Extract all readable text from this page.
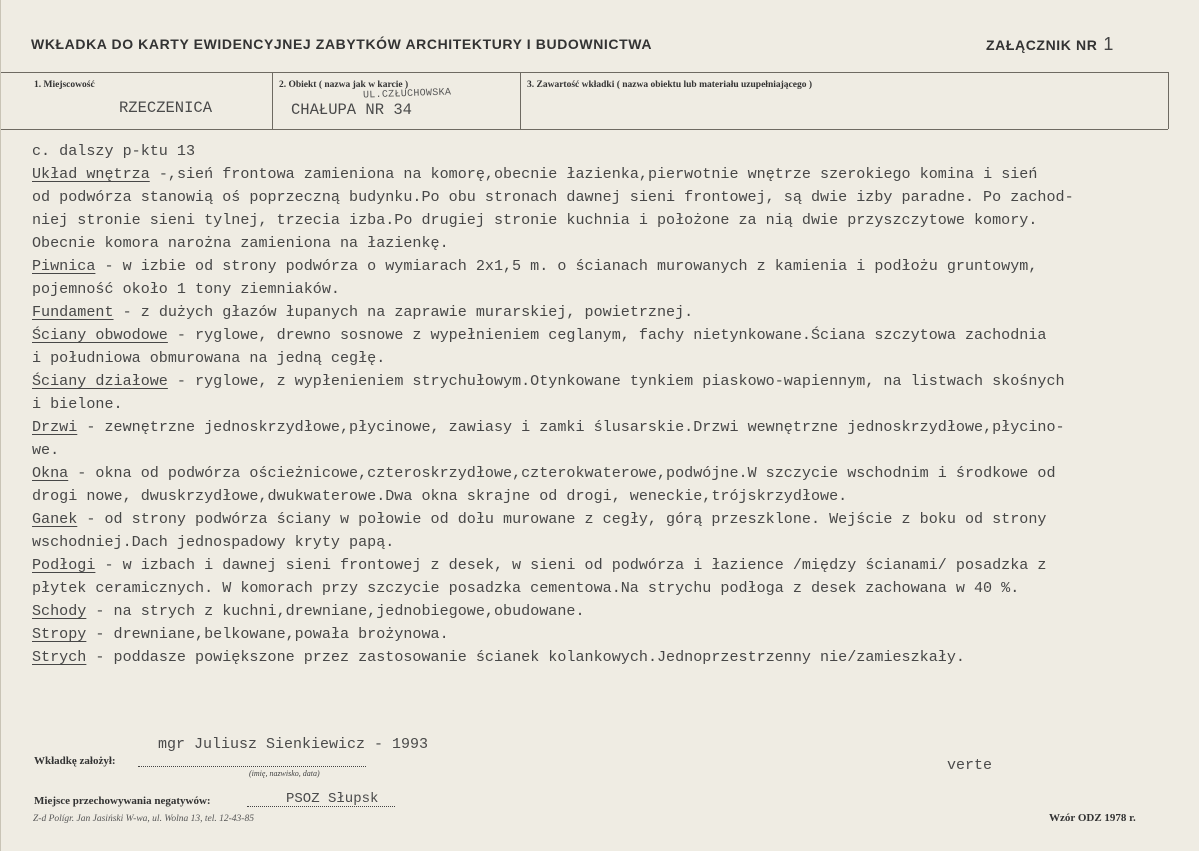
WKŁADKA DO KARTY EWIDENCYJNEJ ZABYTKÓW ARCHITEKTURY I BUDOWNICTWA	ZAŁĄCZNIK NR 1
1. Miejscowość
RZECZENICA
2. Obiekt ( nazwa jak w karcie )
UL.CZŁUCHOWSKA
CHAŁUPA NR 34
3. Zawartość wkładki ( nazwa obiektu lub materiału uzupełniającego )
c. dalszy p-ktu 13
Układ wnętrza -,sień frontowa zamieniona na komorę,obecnie łazienka,pierwotnie wnętrze szerokiego komina i sień
od podwórza stanowią oś poprzeczną budynku.Po obu stronach dawnej sieni frontowej, są dwie izby paradne. Po zachod-
niej stronie sieni tylnej, trzecia izba.Po drugiej stronie kuchnia i położone za nią dwie przyszczytowe komory.
Obecnie komora narożna zamieniona na łazienkę.
Piwnica - w izbie od strony podwórza o wymiarach 2x1,5 m. o ścianach murowanych z kamienia i podłożu gruntowym,
pojemność około 1 tony ziemniaków.
Fundament - z dużych głazów łupanych na zaprawie murarskiej, powietrznej.
Ściany obwodowe - ryglowe, drewno sosnowe z wypełnieniem ceglanym, fachy nietynkowane.Ściana szczytowa zachodnia
i południowa obmurowana na jedną cegłę.
Ściany działowe - ryglowe, z wypłenieniem strychułowym.Otynkowane tynkiem piaskowo-wapiennym, na listwach skośnych
i bielone.
Drzwi - zewnętrzne jednoskrzydłowe,płycinowe, zawiasy i zamki ślusarskie.Drzwi wewnętrzne jednoskrzydłowe,płycino-
we.
Okna - okna od podwórza ościeżnicowe,czteroskrzydłowe,czterokwaterowe,podwójne.W szczycie wschodnim i środkowe od
drogi nowe, dwuskrzydłowe,dwukwaterowe.Dwa okna skrajne od drogi, weneckie,trójskrzydłowe.
Ganek - od strony podwórza ściany w połowie od dołu murowane z cegły, górą przeszklone. Wejście z boku od strony
wschodniej.Dach jednospadowy kryty papą.
Podłogi - w izbach i dawnej sieni frontowej z desek, w sieni od podwórza i łazience /między ścianami/ posadzka z
płytek ceramicznych. W komorach przy szczycie posadzka cementowa.Na strychu podłoga z desek zachowana w 40 %.
Schody - na strych z kuchni,drewniane,jednobiegowe,obudowane.
Stropy - drewniane,belkowane,powała brożynowa.
Strych - poddasze powiększone przez zastosowanie ścianek kolankowych.Jednoprzestrzenny nie/zamieszkały.
mgr Juliusz Sienkiewicz - 1993
Wkładkę założył:
(imię, nazwisko, data)	verte
Miejsce przechowywania negatywów:	PSOZ Słupsk
Z-d Polígr. Jan Jasiński W-wa, ul. Wolna 13, tel. 12-43-85	Wzór ODZ 1978 r.
